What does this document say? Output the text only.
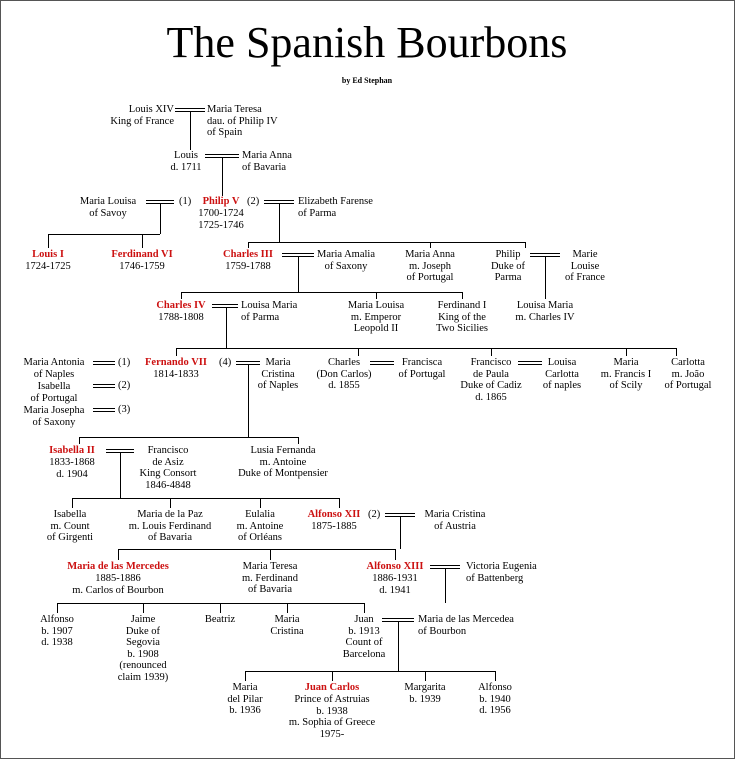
The Spanish Bourbons
by Ed Stephan
Louis XIV
King of France
Maria Teresa
dau. of Philip IV
of Spain
Louis
d. 1711
Maria Anna
of Bavaria
Maria Louisa
of Savoy
(1) Philip V
1700-1724
1725-1746
(2)	Elizabeth Farense
of Parma
Louis I
1724-1725
Ferdinand VI
1746-1759
Charles III
1759-1788
Maria Amalia
of Saxony
Maria Anna
m. Joseph
of Portugal
Philip
Duke of
Parma
Marie
Louise
of France
Charles IV
1788-1808
Louisa Maria
of Parma
Maria Louisa
m. Emperor
Leopold II
Ferdinand I
King of the
Two Sicilies
Louisa Maria
m. Charles IV
Maria Antonia
of Naples
(1)
Isabella
of Portugal
(2)
Maria Josepha
of Saxony
(3)
Fernando VII
1814-1833
(4)	Maria
Cristina
of Naples
Charles
(Don Carlos)
d. 1855
Francisca
of Portugal
Francisco
de Paula
Duke of Cadiz
d. 1865
Louisa
Carlotta
of naples
Maria
m. Francis I
of Scily
Carlotta
m. João
of Portugal
Isabella II
1833-1868
d. 1904
Francisco
de Asiz
King Consort
1846-4848
Lusia Fernanda
m. Antoine
Duke of Montpensier
Isabella
m. Count
of Girgenti
Maria de la Paz
m. Louis Ferdinand
of Bavaria
Eulalia
m. Antoine
of Orléans
Alfonso XII
1875-1885
(2)	Maria Cristina
of Austria
Maria de las Mercedes
1885-1886
m. Carlos of Bourbon
Maria Teresa
m. Ferdinand
of Bavaria
Alfonso XIII
1886-1931
d. 1941
Victoria Eugenia
of Battenberg
Alfonso
b. 1907
d. 1938
Jaime
Duke of
Segovia
b. 1908
(renounced
claim 1939)
Beatriz	Maria
Cristina
Juan
b. 1913
Count of
Barcelona
Maria de las Mercedea
of Bourbon
Maria
del Pilar
b. 1936
Juan Carlos
Prince of Astruias
b. 1938
m. Sophia of Greece
1975-
Margarita
b. 1939
Alfonso
b. 1940
d. 1956
